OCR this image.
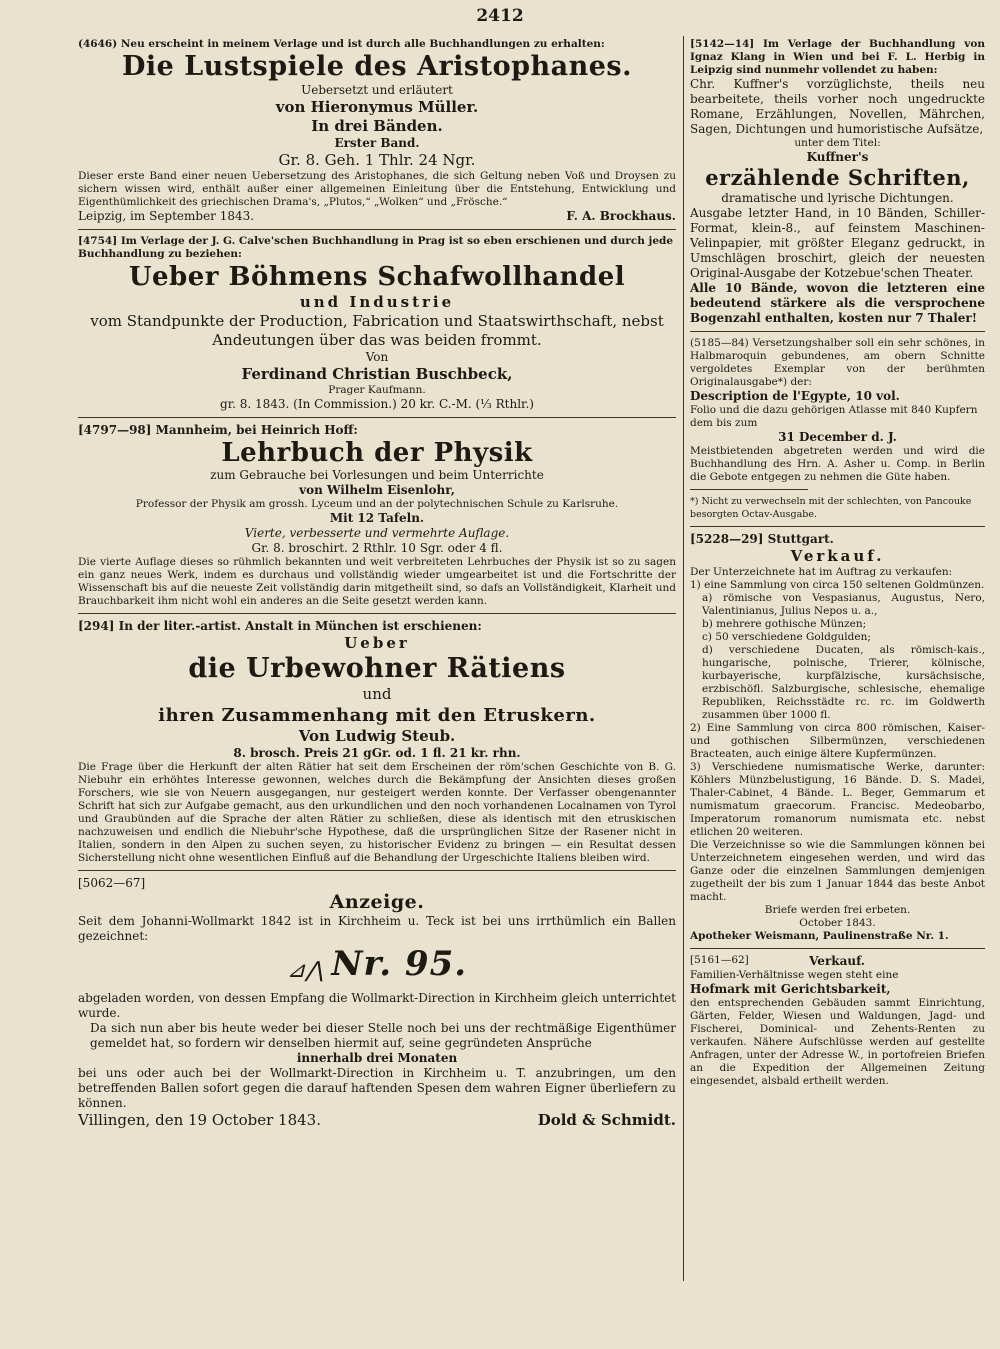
2412

(4646) Neu erscheint in meinem Verlage und ist durch alle Buchhandlungen zu erhalten:

Die Lustspiele des Aristophanes.

Uebersetzt und erläutert

von Hieronymus Müller.

In drei Bänden.

Erster Band.

Gr. 8. Geh. 1 Thlr. 24 Ngr.

Dieser erste Band einer neuen Uebersetzung des Aristophanes, die sich Geltung neben Voß und Droysen zu sichern wissen wird, enthält außer einer allgemeinen Einleitung über die Entstehung, Entwicklung und Eigenthümlichkeit des griechischen Drama's, „Plutos,“ „Wolken“ und „Frösche.“

Leipzig, im September 1843.	F. A. Brockhaus.

[4754] Im Verlage der J. G. Calve'schen Buchhandlung in Prag ist so eben erschienen und durch jede Buchhandlung zu beziehen:

Ueber Böhmens Schafwollhandel

und Industrie

vom Standpunkte der Production, Fabrication und Staatswirthschaft, nebst Andeutungen über das was beiden frommt.

Von

Ferdinand Christian Buschbeck,

Prager Kaufmann.

gr. 8. 1843. (In Commission.) 20 kr. C.-M. (⅓ Rthlr.)

[4797—98] Mannheim, bei Heinrich Hoff:

Lehrbuch der Physik

zum Gebrauche bei Vorlesungen und beim Unterrichte

von Wilhelm Eisenlohr,

Professor der Physik am grossh. Lyceum und an der polytechnischen Schule zu Karlsruhe.

Mit 12 Tafeln.

Vierte, verbesserte und vermehrte Auflage.

Gr. 8. broschirt. 2 Rthlr. 10 Sgr. oder 4 fl.

Die vierte Auflage dieses so rühmlich bekannten und weit verbreiteten Lehrbuches der Physik ist so zu sagen ein ganz neues Werk, indem es durchaus und vollständig wieder umgearbeitet ist und die Fortschritte der Wissenschaft bis auf die neueste Zeit vollständig darin mitgetheilt sind, so dafs an Vollständigkeit, Klarheit und Brauchbarkeit ihm nicht wohl ein anderes an die Seite gesetzt werden kann.

[294] In der liter.-artist. Anstalt in München ist erschienen:

Ueber

die Urbewohner Rätiens

und

ihren Zusammenhang mit den Etruskern.

Von Ludwig Steub.

8. brosch. Preis 21 gGr. od. 1 fl. 21 kr. rhn.

Die Frage über die Herkunft der alten Rätier hat seit dem Erscheinen der röm'schen Geschichte von B. G. Niebuhr ein erhöhtes Interesse gewonnen, welches durch die Bekämpfung der Ansichten dieses großen Forschers, wie sie von Neuern ausgegangen, nur gesteigert werden konnte. Der Verfasser obengenannter Schrift hat sich zur Aufgabe gemacht, aus den urkundlichen und den noch vorhandenen Localnamen von Tyrol und Graubünden auf die Sprache der alten Rätier zu schließen, diese als identisch mit den etruskischen nachzuweisen und endlich die Niebuhr'sche Hypothese, daß die ursprünglichen Sitze der Rasener nicht in Italien, sondern in den Alpen zu suchen seyen, zu historischer Evidenz zu bringen — ein Resultat dessen Sicherstellung nicht ohne wesentlichen Einfluß auf die Behandlung der Urgeschichte Italiens bleiben wird.

[5062—67]

Anzeige.

Seit dem Johanni-Wollmarkt 1842 ist in Kirchheim u. Teck ist bei uns irrthümlich ein Ballen gezeichnet:

⊿⋀ Nr. 95.

abgeladen worden, von dessen Empfang die Wollmarkt-Direction in Kirchheim gleich unterrichtet wurde.

Da sich nun aber bis heute weder bei dieser Stelle noch bei uns der rechtmäßige Eigenthümer gemeldet hat, so fordern wir denselben hiermit auf, seine gegründeten Ansprüche

innerhalb drei Monaten

bei uns oder auch bei der Wollmarkt-Direction in Kirchheim u. T. anzubringen, um den betreffenden Ballen sofort gegen die darauf haftenden Spesen dem wahren Eigner überliefern zu können.

Villingen, den 19 October 1843.	Dold & Schmidt.

[5142—14] Im Verlage der Buchhandlung von Ignaz Klang in Wien und bei F. L. Herbig in Leipzig sind nunmehr vollendet zu haben:

Chr. Kuffner's vorzüglichste, theils neu bearbeitete, theils vorher noch ungedruckte Romane, Erzählungen, Novellen, Mährchen, Sagen, Dichtungen und humoristische Aufsätze,

unter dem Titel:

Kuffner's

erzählende Schriften,

dramatische und lyrische Dichtungen.

Ausgabe letzter Hand, in 10 Bänden, Schiller-Format, klein-8., auf feinstem Maschinen-Velinpapier, mit größter Eleganz gedruckt, in Umschlägen broschirt, gleich der neuesten Original-Ausgabe der Kotzebue'schen Theater.

Alle 10 Bände, wovon die letzteren eine bedeutend stärkere als die versprochene Bogenzahl enthalten, kosten nur 7 Thaler!

(5185—84) Versetzungshalber soll ein sehr schönes, in Halbmaroquin gebundenes, am obern Schnitte vergoldetes Exemplar von der berühmten Originalausgabe*) der:

Description de l'Egypte, 10 vol.

Folio und die dazu gehörigen Atlasse mit 840 Kupfern

dem bis zum

31 December d. J.

Meistbietenden abgetreten werden und wird die Buchhandlung des Hrn. A. Asher u. Comp. in Berlin die Gebote entgegen zu nehmen die Güte haben.

*) Nicht zu verwechseln mit der schlechten, von Pancouke besorgten Octav-Ausgabe.

[5228—29] Stuttgart.

Verkauf.

Der Unterzeichnete hat im Auftrag zu verkaufen:

1) eine Sammlung von circa 150 seltenen Goldmünzen.

a) römische von Vespasianus, Augustus, Nero, Valentinianus, Julius Nepos u. a.,

b) mehrere gothische Münzen;

c) 50 verschiedene Goldgulden;

d) verschiedene Ducaten, als römisch-kais., hungarische, polnische, Trierer, kölnische, kurbayerische, kurpfälzische, kursächsische, erzbischöfl. Salzburgische, schlesische, ehemalige Republiken, Reichsstädte rc. rc. im Goldwerth zusammen über 1000 fl.

2) Eine Sammlung von circa 800 römischen, Kaiser- und gothischen Silbermünzen, verschiedenen Bracteaten, auch einige ältere Kupfermünzen.

3) Verschiedene numismatische Werke, darunter: Köhlers Münzbelustigung, 16 Bände. D. S. Madei, Thaler-Cabinet, 4 Bände. L. Beger, Gemmarum et numismatum graecorum. Francisc. Medeobarbo, Imperatorum romanorum numismata etc. nebst etlichen 20 weiteren.

Die Verzeichnisse so wie die Sammlungen können bei Unterzeichnetem eingesehen werden, und wird das Ganze oder die einzelnen Sammlungen demjenigen zugetheilt der bis zum 1 Januar 1844 das beste Anbot macht.

Briefe werden frei erbeten.

October 1843.

Apotheker Weismann, Paulinenstraße Nr. 1.

[5161—62]	Verkauf.

Familien-Verhältnisse wegen steht eine

Hofmark mit Gerichtsbarkeit,

den entsprechenden Gebäuden sammt Einrichtung, Gärten, Felder, Wiesen und Waldungen, Jagd- und Fischerei, Dominical- und Zehents-Renten zu verkaufen. Nähere Aufschlüsse werden auf gestellte Anfragen, unter der Adresse W., in portofreien Briefen an die Expedition der Allgemeinen Zeitung eingesendet, alsbald ertheilt werden.
